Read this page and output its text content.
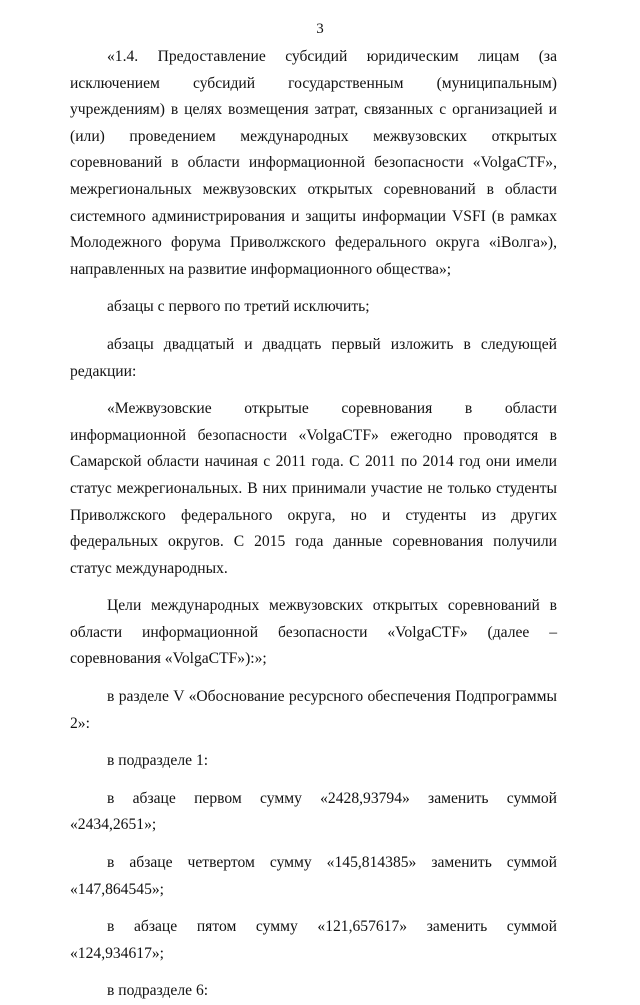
3

«1.4. Предоставление субсидий юридическим лицам (за исключением субсидий государственным (муниципальным) учреждениям) в целях возмещения затрат, связанных с организацией и (или) проведением международных межвузовских открытых соревнований в области информационной безопасности «VolgaCTF», межрегиональных межвузовских открытых соревнований в области системного администрирования и защиты информации VSFI (в рамках Молодежного форума Приволжского федерального округа «iВолга»), направленных на развитие информационного общества»;

абзацы с первого по третий исключить;

абзацы двадцатый и двадцать первый изложить в следующей редакции:

«Межвузовские открытые соревнования в области информационной безопасности «VolgaCTF» ежегодно проводятся в Самарской области начиная с 2011 года. С 2011 по 2014 год они имели статус межрегиональных. В них принимали участие не только студенты Приволжского федерального округа, но и студенты из других федеральных округов. С 2015 года данные соревнования получили статус международных.

Цели международных межвузовских открытых соревнований в области информационной безопасности «VolgaCTF» (далее – соревнования «VolgaCTF»):»;

в разделе V «Обоснование ресурсного обеспечения Подпрограммы 2»:

в подразделе 1:

в абзаце первом сумму «2428,93794» заменить суммой «2434,2651»;

в абзаце четвертом сумму «145,814385» заменить суммой «147,864545»;

в абзаце пятом сумму «121,657617» заменить суммой «124,934617»;

в подразделе 6:
